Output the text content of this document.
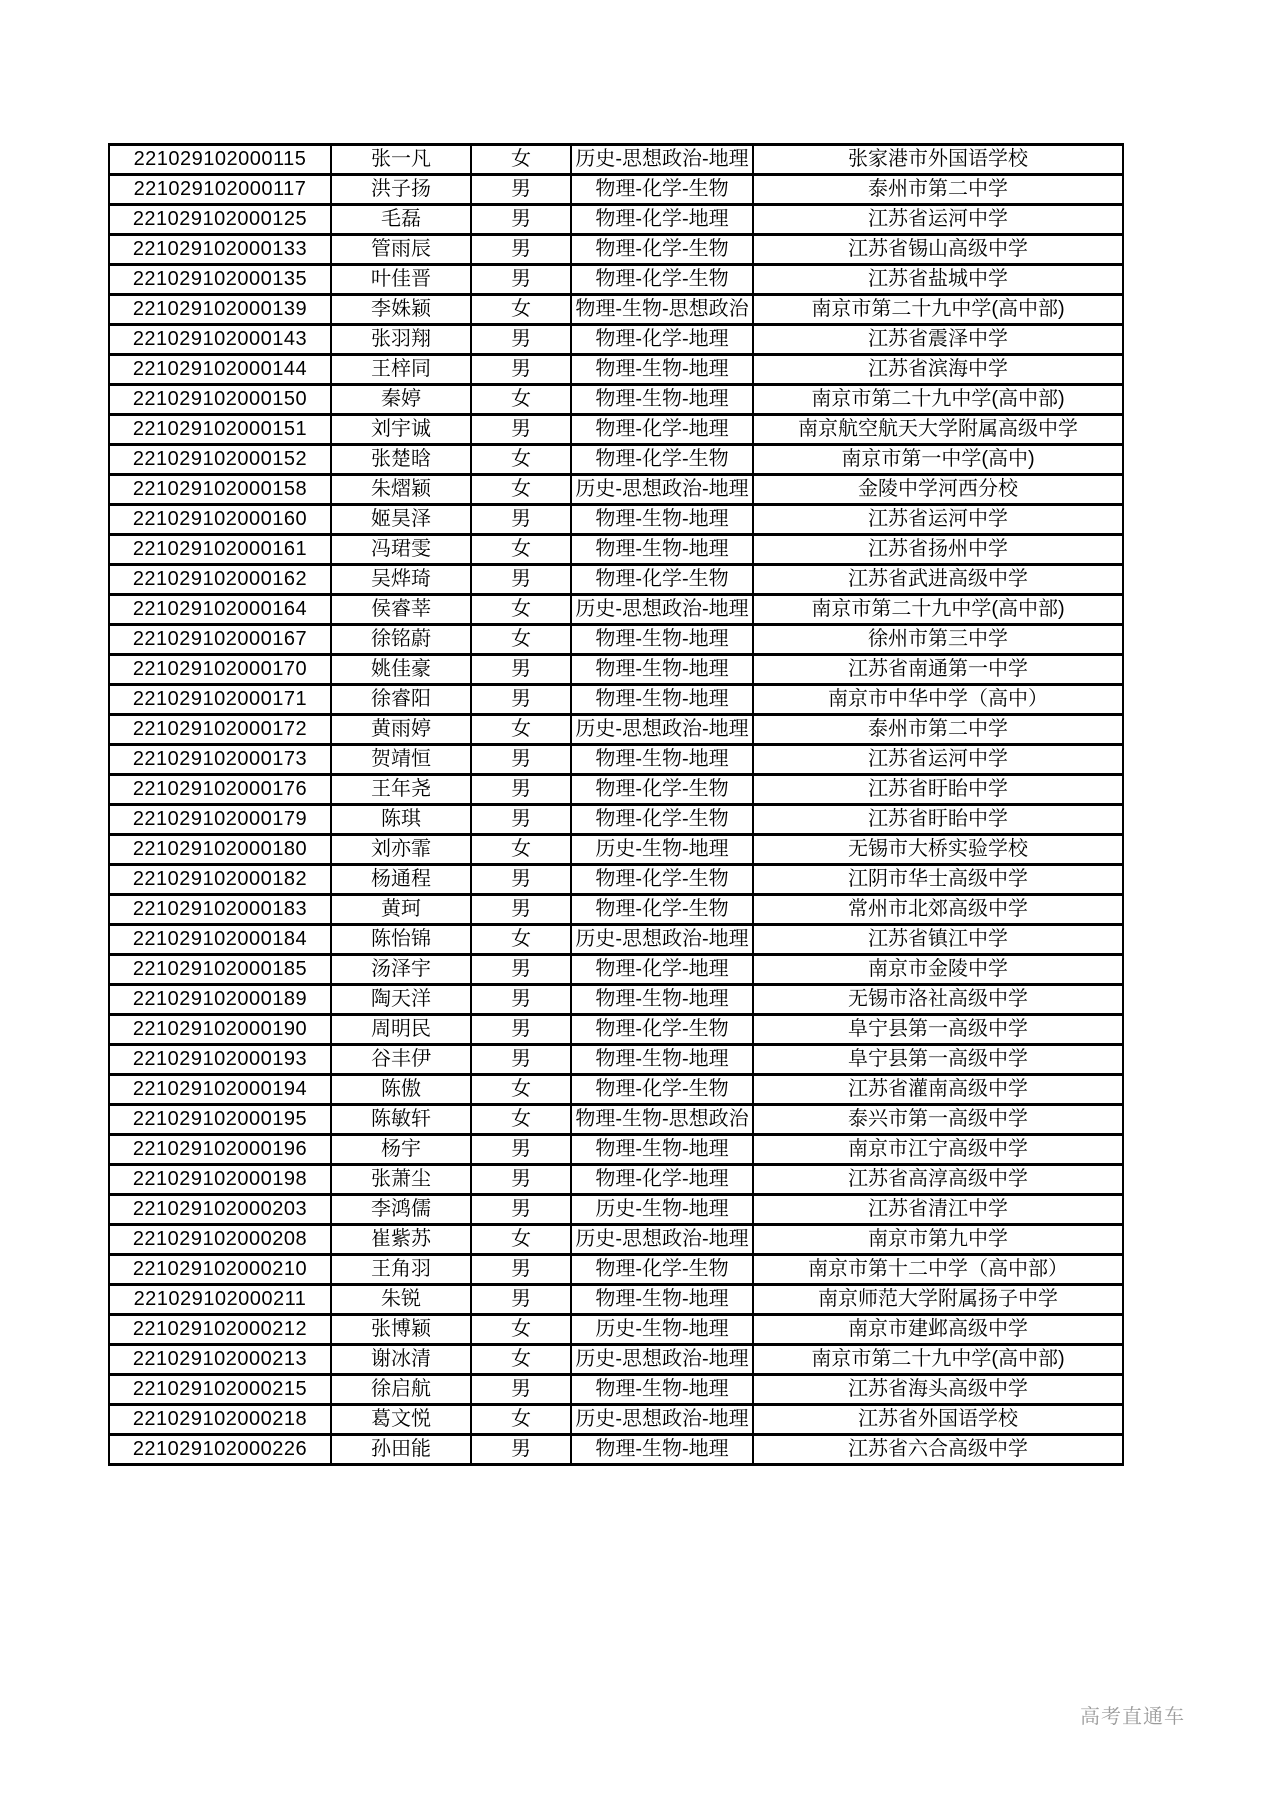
221029102000115	张一凡	女	历史-思想政治-地理	张家港市外国语学校
221029102000117	洪子扬	男	物理-化学-生物	泰州市第二中学
221029102000125	毛磊	男	物理-化学-地理	江苏省运河中学
221029102000133	管雨辰	男	物理-化学-生物	江苏省锡山高级中学
221029102000135	叶佳晋	男	物理-化学-生物	江苏省盐城中学
221029102000139	李姝颖	女	物理-生物-思想政治	南京市第二十九中学(高中部)
221029102000143	张羽翔	男	物理-化学-地理	江苏省震泽中学
221029102000144	王梓同	男	物理-生物-地理	江苏省滨海中学
221029102000150	秦婷	女	物理-生物-地理	南京市第二十九中学(高中部)
221029102000151	刘宇诚	男	物理-化学-地理	南京航空航天大学附属高级中学
221029102000152	张楚晗	女	物理-化学-生物	南京市第一中学(高中)
221029102000158	朱熠颖	女	历史-思想政治-地理	金陵中学河西分校
221029102000160	姬昊泽	男	物理-生物-地理	江苏省运河中学
221029102000161	冯珺雯	女	物理-生物-地理	江苏省扬州中学
221029102000162	吴烨琦	男	物理-化学-生物	江苏省武进高级中学
221029102000164	侯睿莘	女	历史-思想政治-地理	南京市第二十九中学(高中部)
221029102000167	徐铭蔚	女	物理-生物-地理	徐州市第三中学
221029102000170	姚佳豪	男	物理-生物-地理	江苏省南通第一中学
221029102000171	徐睿阳	男	物理-生物-地理	南京市中华中学（高中）
221029102000172	黄雨婷	女	历史-思想政治-地理	泰州市第二中学
221029102000173	贺靖恒	男	物理-生物-地理	江苏省运河中学
221029102000176	王年尧	男	物理-化学-生物	江苏省盱眙中学
221029102000179	陈琪	男	物理-化学-生物	江苏省盱眙中学
221029102000180	刘亦霏	女	历史-生物-地理	无锡市大桥实验学校
221029102000182	杨通程	男	物理-化学-生物	江阴市华士高级中学
221029102000183	黄珂	男	物理-化学-生物	常州市北郊高级中学
221029102000184	陈怡锦	女	历史-思想政治-地理	江苏省镇江中学
221029102000185	汤泽宇	男	物理-化学-地理	南京市金陵中学
221029102000189	陶天洋	男	物理-生物-地理	无锡市洛社高级中学
221029102000190	周明民	男	物理-化学-生物	阜宁县第一高级中学
221029102000193	谷丰伊	男	物理-生物-地理	阜宁县第一高级中学
221029102000194	陈傲	女	物理-化学-生物	江苏省灌南高级中学
221029102000195	陈敏轩	女	物理-生物-思想政治	泰兴市第一高级中学
221029102000196	杨宇	男	物理-生物-地理	南京市江宁高级中学
221029102000198	张萧尘	男	物理-化学-地理	江苏省高淳高级中学
221029102000203	李鸿儒	男	历史-生物-地理	江苏省清江中学
221029102000208	崔紫苏	女	历史-思想政治-地理	南京市第九中学
221029102000210	王角羽	男	物理-化学-生物	南京市第十二中学（高中部）
221029102000211	朱锐	男	物理-生物-地理	南京师范大学附属扬子中学
221029102000212	张博颖	女	历史-生物-地理	南京市建邺高级中学
221029102000213	谢冰清	女	历史-思想政治-地理	南京市第二十九中学(高中部)
221029102000215	徐启航	男	物理-生物-地理	江苏省海头高级中学
221029102000218	葛文悦	女	历史-思想政治-地理	江苏省外国语学校
221029102000226	孙田能	男	物理-生物-地理	江苏省六合高级中学
高考直通车
